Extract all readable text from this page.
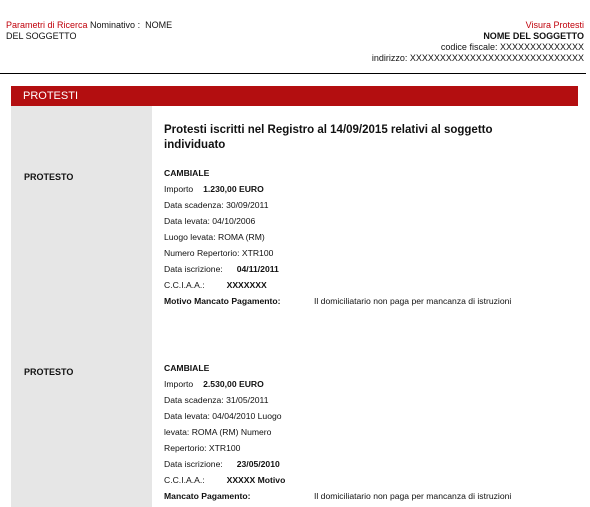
Parametri di Ricerca Nominativo : NOME
DEL SOGGETTO
Visura Protesti
NOME DEL SOGGETTO
codice fiscale: XXXXXXXXXXXXXX
indirizzo: XXXXXXXXXXXXXXXXXXXXXXXXXXXXX
PROTESTI
Protesti iscritti nel Registro al 14/09/2015 relativi al soggetto individuato
PROTESTO	CAMBIALE
Importo 1.230,00 EURO
Data scadenza: 30/09/2011
Data levata: 04/10/2006
Luogo levata: ROMA (RM)
Numero Repertorio: XTR100
Data iscrizione: 04/11/2011
C.C.I.A.A.:	XXXXXXX
Motivo Mancato Pagamento:	Il domiciliatario non paga per mancanza di istruzioni
PROTESTO	CAMBIALE
Importo 2.530,00 EURO
Data scadenza: 31/05/2011
Data levata: 04/04/2010 Luogo
levata: ROMA (RM) Numero
Repertorio: XTR100
Data iscrizione: 23/05/2010
C.C.I.A.A.:	XXXXX Motivo
Mancato Pagamento:	Il domiciliatario non paga per mancanza di istruzioni
